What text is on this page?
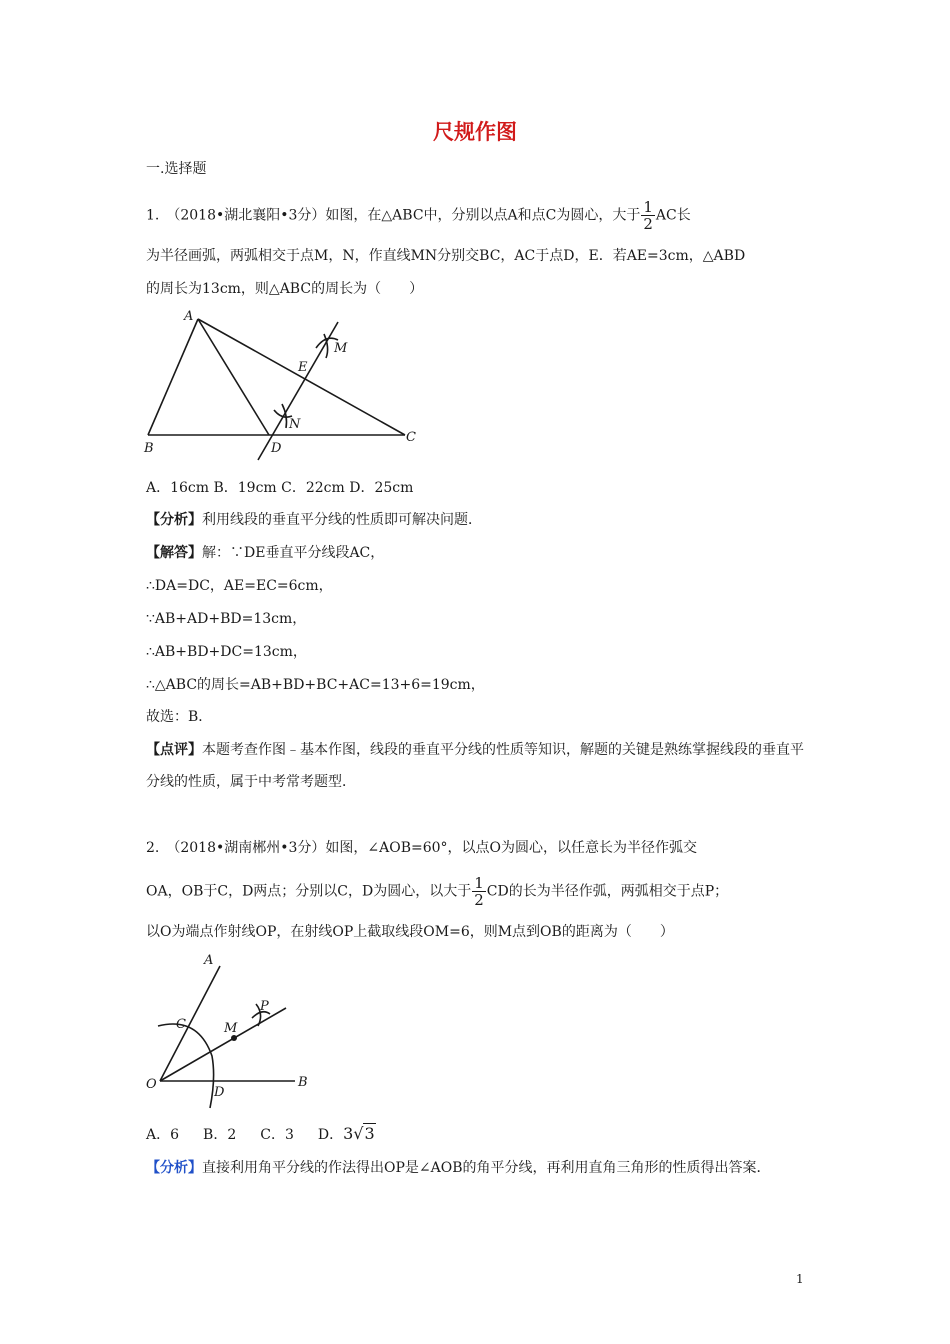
尺规作图
一.选择题
1.　（2018•湖北襄阳•3分）如图，在△ABC中，分别以点A和点C为圆心，大于 $\frac{1}{2}$ AC长
为半径画弧，两弧相交于点M，N，作直线MN分别交BC，AC于点D，E．若AE=3cm，△ABD
的周长为13cm，则△ABC的周长为（　　）
A
B
C
D
E
M
N
A．16cm B．19cm C．22cm D．25cm
【分析】利用线段的垂直平分线的性质即可解决问题．
【解答】解：∵DE垂直平分线段AC，
∴DA=DC，AE=EC=6cm，
∵AB+AD+BD=13cm，
∴AB+BD+DC=13cm，
∴△ABC的周长=AB+BD+BC+AC=13+6=19cm，
故选：B．
【点评】本题考查作图﹣基本作图，线段的垂直平分线的性质等知识，解题的关键是熟练掌握线段的垂直平分线的性质，属于中考常考题型．
2.　（2018•湖南郴州•3分）如图，∠AOB=60°，以点O为圆心，以任意长为半径作弧交
OA，OB于C，D两点；分别以C，D为圆心，以大于 $\frac{1}{2}$ CD的长为半径作弧，两弧相交于点P；
以O为端点作射线OP，在射线OP上截取线段OM=6，则M点到OB的距离为（　　）
O	B
A
C
D
M
P
A．6 B．2 C．3 D．3√3
【分析】直接利用角平分线的作法得出OP是∠AOB的角平分线，再利用直角三角形的性质得出答案．
1
